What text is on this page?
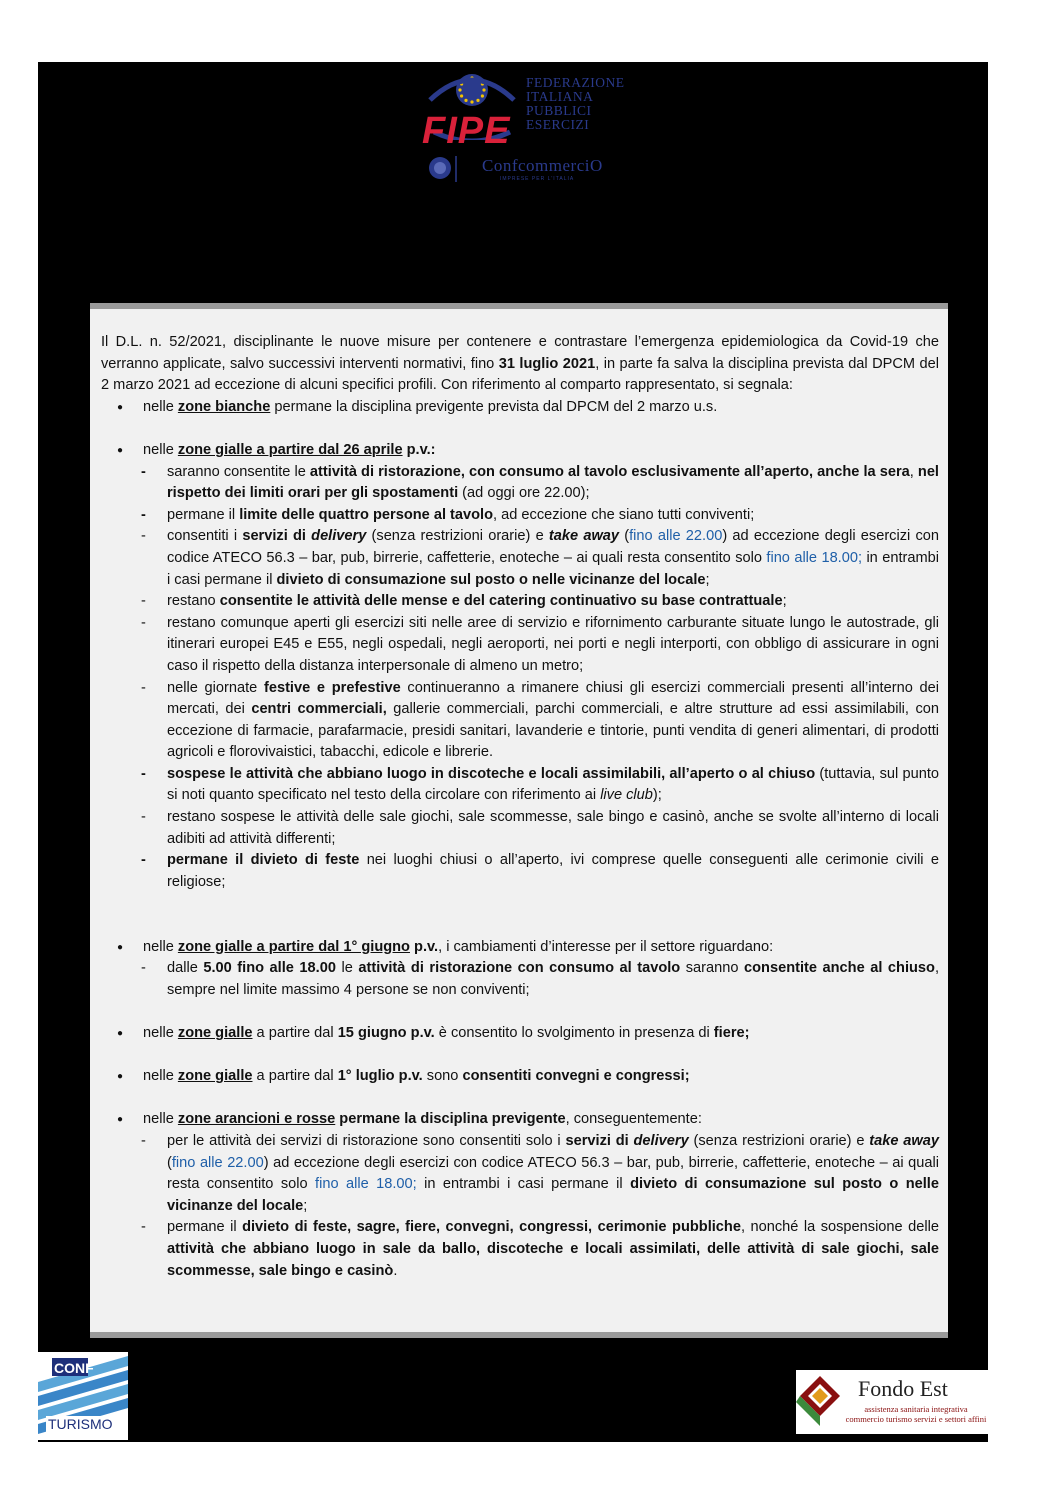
FIPE
FEDERAZIONE
ITALIANA
PUBBLICI
ESERCIZI
ConfcommerciO
IMPRESE PER L'ITALIA

Il D.L. n. 52/2021, disciplinante le nuove misure per contenere e contrastare l’emergenza epidemiologica da Covid-19 che verranno applicate, salvo successivi interventi normativi, fino 31 luglio 2021, in parte fa salva la disciplina prevista dal DPCM del 2 marzo 2021 ad eccezione di alcuni specifici profili. Con riferimento al comparto rappresentato, si segnala:

● nelle zone bianche permane la disciplina previgente prevista dal DPCM del 2 marzo u.s.
● nelle zone gialle a partire dal 26 aprile p.v.:
- saranno consentite le attività di ristorazione, con consumo al tavolo esclusivamente all’aperto, anche la sera, nel rispetto dei limiti orari per gli spostamenti (ad oggi ore 22.00);
- permane il limite delle quattro persone al tavolo, ad eccezione che siano tutti conviventi;
- consentiti i servizi di delivery (senza restrizioni orarie) e take away (fino alle 22.00) ad eccezione degli esercizi con codice ATECO 56.3 – bar, pub, birrerie, caffetterie, enoteche – ai quali resta consentito solo fino alle 18.00; in entrambi i casi permane il divieto di consumazione sul posto o nelle vicinanze del locale;
- restano consentite le attività delle mense e del catering continuativo su base contrattuale;
- restano comunque aperti gli esercizi siti nelle aree di servizio e rifornimento carburante situate lungo le autostrade, gli itinerari europei E45 e E55, negli ospedali, negli aeroporti, nei porti e negli interporti, con obbligo di assicurare in ogni caso il rispetto della distanza interpersonale di almeno un metro;
- nelle giornate festive e prefestive continueranno a rimanere chiusi gli esercizi commerciali presenti all’interno dei mercati, dei centri commerciali, gallerie commerciali, parchi commerciali, e altre strutture ad essi assimilabili, con eccezione di farmacie, parafarmacie, presidi sanitari, lavanderie e tintorie, punti vendita di generi alimentari, di prodotti agricoli e florovivaistici, tabacchi, edicole e librerie.
- sospese le attività che abbiano luogo in discoteche e locali assimilabili, all’aperto o al chiuso (tuttavia, sul punto si noti quanto specificato nel testo della circolare con riferimento ai live club);
- restano sospese le attività delle sale giochi, sale scommesse, sale bingo e casinò, anche se svolte all’interno di locali adibiti ad attività differenti;
- permane il divieto di feste nei luoghi chiusi o all’aperto, ivi comprese quelle conseguenti alle cerimonie civili e religiose;
● nelle zone gialle a partire dal 1° giugno p.v., i cambiamenti d’interesse per il settore riguardano:
- dalle 5.00 fino alle 18.00 le attività di ristorazione con consumo al tavolo saranno consentite anche al chiuso, sempre nel limite massimo 4 persone se non conviventi;
● nelle zone gialle a partire dal 15 giugno p.v. è consentito lo svolgimento in presenza di fiere;
● nelle zone gialle a partire dal 1° luglio p.v. sono consentiti convegni e congressi;
● nelle zone arancioni e rosse permane la disciplina previgente, conseguentemente:
- per le attività dei servizi di ristorazione sono consentiti solo i servizi di delivery (senza restrizioni orarie) e take away (fino alle 22.00) ad eccezione degli esercizi con codice ATECO 56.3 – bar, pub, birrerie, caffetterie, enoteche – ai quali resta consentito solo fino alle 18.00; in entrambi i casi permane il divieto di consumazione sul posto o nelle vicinanze del locale;
- permane il divieto di feste, sagre, fiere, convegni, congressi, cerimonie pubbliche, nonché la sospensione delle attività che abbiano luogo in sale da ballo, discoteche e locali assimilati, delle attività di sale giochi, sale scommesse, sale bingo e casinò.
CONF
TURISMO
Fondo Est
assistenza sanitaria integrativa
commercio turismo servizi e settori affini
